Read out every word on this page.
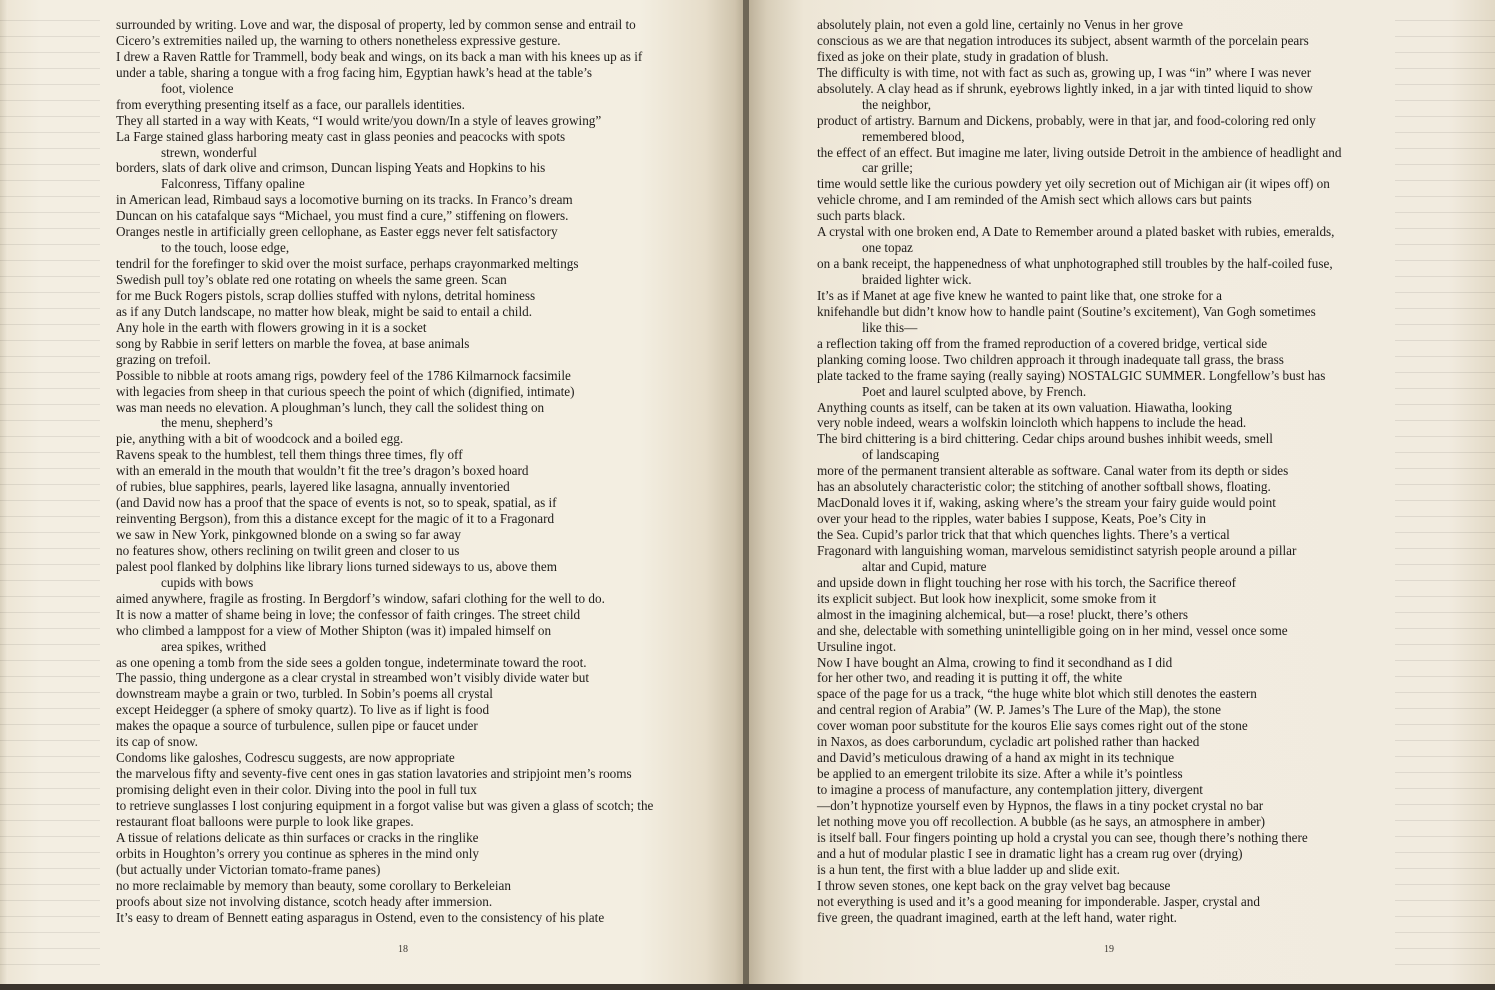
surrounded by writing. Love and war, the disposal of property, led by common sense and entrail to
Cicero’s extremities nailed up, the warning to others nonetheless expressive gesture.
I drew a Raven Rattle for Trammell, body beak and wings, on its back a man with his knees up as if
under a table, sharing a tongue with a frog facing him, Egyptian hawk’s head at the table’s
foot, violence
from everything presenting itself as a face, our parallels identities.
They all started in a way with Keats, “I would write/you down/In a style of leaves growing”
La Farge stained glass harboring meaty cast in glass peonies and peacocks with spots
strewn, wonderful
borders, slats of dark olive and crimson, Duncan lisping Yeats and Hopkins to his
Falconress, Tiffany opaline
in American lead, Rimbaud says a locomotive burning on its tracks. In Franco’s dream
Duncan on his catafalque says “Michael, you must find a cure,” stiffening on flowers.
Oranges nestle in artificially green cellophane, as Easter eggs never felt satisfactory
to the touch, loose edge,
tendril for the forefinger to skid over the moist surface, perhaps crayonmarked meltings
Swedish pull toy’s oblate red one rotating on wheels the same green. Scan
for me Buck Rogers pistols, scrap dollies stuffed with nylons, detrital hominess
as if any Dutch landscape, no matter how bleak, might be said to entail a child.
Any hole in the earth with flowers growing in it is a socket
song by Rabbie in serif letters on marble the fovea, at base animals
grazing on trefoil.
Possible to nibble at roots amang rigs, powdery feel of the 1786 Kilmarnock facsimile
with legacies from sheep in that curious speech the point of which (dignified, intimate)
was man needs no elevation. A ploughman’s lunch, they call the solidest thing on
the menu, shepherd’s
pie, anything with a bit of woodcock and a boiled egg.
Ravens speak to the humblest, tell them things three times, fly off
with an emerald in the mouth that wouldn’t fit the tree’s dragon’s boxed hoard
of rubies, blue sapphires, pearls, layered like lasagna, annually inventoried
(and David now has a proof that the space of events is not, so to speak, spatial, as if
reinventing Bergson), from this a distance except for the magic of it to a Fragonard
we saw in New York, pinkgowned blonde on a swing so far away
no features show, others reclining on twilit green and closer to us
palest pool flanked by dolphins like library lions turned sideways to us, above them
cupids with bows
aimed anywhere, fragile as frosting. In Bergdorf’s window, safari clothing for the well to do.
It is now a matter of shame being in love; the confessor of faith cringes. The street child
who climbed a lamppost for a view of Mother Shipton (was it) impaled himself on
area spikes, writhed
as one opening a tomb from the side sees a golden tongue, indeterminate toward the root.
The passio, thing undergone as a clear crystal in streambed won’t visibly divide water but
downstream maybe a grain or two, turbled. In Sobin’s poems all crystal
except Heidegger (a sphere of smoky quartz). To live as if light is food
makes the opaque a source of turbulence, sullen pipe or faucet under
its cap of snow.
Condoms like galoshes, Codrescu suggests, are now appropriate
the marvelous fifty and seventy-five cent ones in gas station lavatories and stripjoint men’s rooms
promising delight even in their color. Diving into the pool in full tux
to retrieve sunglasses I lost conjuring equipment in a forgot valise but was given a glass of scotch; the
restaurant float balloons were purple to look like grapes.
A tissue of relations delicate as thin surfaces or cracks in the ringlike
orbits in Houghton’s orrery you continue as spheres in the mind only
(but actually under Victorian tomato-frame panes)
no more reclaimable by memory than beauty, some corollary to Berkeleian
proofs about size not involving distance, scotch heady after immersion.
It’s easy to dream of Bennett eating asparagus in Ostend, even to the consistency of his plate
18
absolutely plain, not even a gold line, certainly no Venus in her grove
conscious as we are that negation introduces its subject, absent warmth of the porcelain pears
fixed as joke on their plate, study in gradation of blush.
The difficulty is with time, not with fact as such as, growing up, I was “in” where I was never
absolutely. A clay head as if shrunk, eyebrows lightly inked, in a jar with tinted liquid to show
the neighbor,
product of artistry. Barnum and Dickens, probably, were in that jar, and food-coloring red only
remembered blood,
the effect of an effect. But imagine me later, living outside Detroit in the ambience of headlight and
car grille;
time would settle like the curious powdery yet oily secretion out of Michigan air (it wipes off) on
vehicle chrome, and I am reminded of the Amish sect which allows cars but paints
such parts black.
A crystal with one broken end, A Date to Remember around a plated basket with rubies, emeralds,
one topaz
on a bank receipt, the happenedness of what unphotographed still troubles by the half-coiled fuse,
braided lighter wick.
It’s as if Manet at age five knew he wanted to paint like that, one stroke for a
knifehandle but didn’t know how to handle paint (Soutine’s excitement), Van Gogh sometimes
like this—
a reflection taking off from the framed reproduction of a covered bridge, vertical side
planking coming loose. Two children approach it through inadequate tall grass, the brass
plate tacked to the frame saying (really saying) NOSTALGIC SUMMER. Longfellow’s bust has
Poet and laurel sculpted above, by French.
Anything counts as itself, can be taken at its own valuation. Hiawatha, looking
very noble indeed, wears a wolfskin loincloth which happens to include the head.
The bird chittering is a bird chittering. Cedar chips around bushes inhibit weeds, smell
of landscaping
more of the permanent transient alterable as software. Canal water from its depth or sides
has an absolutely characteristic color; the stitching of another softball shows, floating.
MacDonald loves it if, waking, asking where’s the stream your fairy guide would point
over your head to the ripples, water babies I suppose, Keats, Poe’s City in
the Sea. Cupid’s parlor trick that that which quenches lights. There’s a vertical
Fragonard with languishing woman, marvelous semidistinct satyrish people around a pillar
altar and Cupid, mature
and upside down in flight touching her rose with his torch, the Sacrifice thereof
its explicit subject. But look how inexplicit, some smoke from it
almost in the imagining alchemical, but—a rose! pluckt, there’s others
and she, delectable with something unintelligible going on in her mind, vessel once some
Ursuline ingot.
Now I have bought an Alma, crowing to find it secondhand as I did
for her other two, and reading it is putting it off, the white
space of the page for us a track, “the huge white blot which still denotes the eastern
and central region of Arabia” (W. P. James’s The Lure of the Map), the stone
cover woman poor substitute for the kouros Elie says comes right out of the stone
in Naxos, as does carborundum, cycladic art polished rather than hacked
and David’s meticulous drawing of a hand ax might in its technique
be applied to an emergent trilobite its size. After a while it’s pointless
to imagine a process of manufacture, any contemplation jittery, divergent
—don’t hypnotize yourself even by Hypnos, the flaws in a tiny pocket crystal no bar
let nothing move you off recollection. A bubble (as he says, an atmosphere in amber)
is itself ball. Four fingers pointing up hold a crystal you can see, though there’s nothing there
and a hut of modular plastic I see in dramatic light has a cream rug over (drying)
is a hun tent, the first with a blue ladder up and slide exit.
I throw seven stones, one kept back on the gray velvet bag because
not everything is used and it’s a good meaning for imponderable. Jasper, crystal and
five green, the quadrant imagined, earth at the left hand, water right.
19
